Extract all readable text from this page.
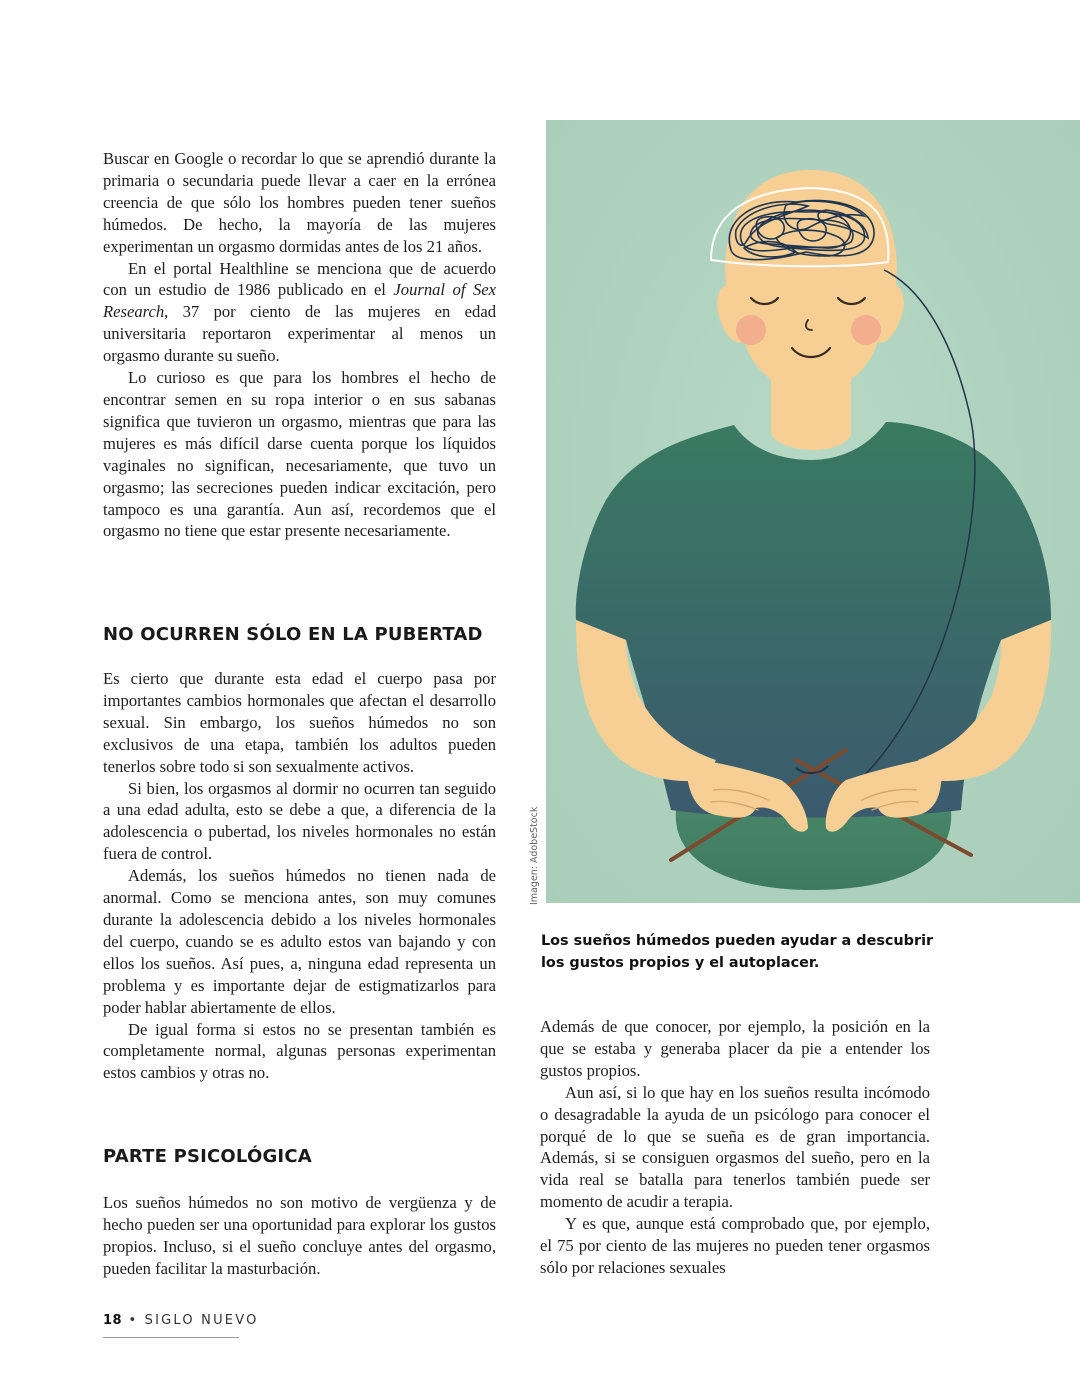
Buscar en Google o recordar lo que se aprendió durante la primaria o secundaria puede llevar a caer en la errónea creencia de que sólo los hombres pueden tener sueños húmedos. De hecho, la mayoría de las mujeres experimentan un orgasmo dormidas antes de los 21 años.

En el portal Healthline se menciona que de acuerdo con un estudio de 1986 publicado en el Journal of Sex Research, 37 por ciento de las mujeres en edad universitaria reportaron experimentar al menos un orgasmo durante su sueño.

Lo curioso es que para los hombres el hecho de encontrar semen en su ropa interior o en sus sabanas significa que tuvieron un orgasmo, mientras que para las mujeres es más difícil darse cuenta porque los líquidos vaginales no significan, necesariamente, que tuvo un orgasmo; las secreciones pueden indicar excitación, pero tampoco es una garantía. Aun así, recordemos que el orgasmo no tiene que estar presente necesariamente.

NO OCURREN SÓLO EN LA PUBERTAD

Es cierto que durante esta edad el cuerpo pasa por importantes cambios hormonales que afectan el desarrollo sexual. Sin embargo, los sueños húmedos no son exclusivos de una etapa, también los adultos pueden tenerlos sobre todo si son sexualmente activos.

Si bien, los orgasmos al dormir no ocurren tan seguido a una edad adulta, esto se debe a que, a diferencia de la adolescencia o pubertad, los niveles hormonales no están fuera de control.

Además, los sueños húmedos no tienen nada de anormal. Como se menciona antes, son muy comunes durante la adolescencia debido a los niveles hormonales del cuerpo, cuando se es adulto estos van bajando y con ellos los sueños. Así pues, a, ninguna edad representa un problema y es importante dejar de estigmatizarlos para poder hablar abiertamente de ellos.

De igual forma si estos no se presentan también es completamente normal, algunas personas experimentan estos cambios y otras no.

PARTE PSICOLÓGICA

Los sueños húmedos no son motivo de vergüenza y de hecho pueden ser una oportunidad para explorar los gustos propios. Incluso, si el sueño concluye antes del orgasmo, pueden facilitar la masturbación.

Imagen: AdobeStock

Los sueños húmedos pueden ayudar a descubrir los gustos propios y el autoplacer.

Además de que conocer, por ejemplo, la posición en la que se estaba y generaba placer da pie a entender los gustos propios.

Aun así, si lo que hay en los sueños resulta incómodo o desagradable la ayuda de un psicólogo para conocer el porqué de lo que se sueña es de gran importancia. Además, si se consiguen orgasmos del sueño, pero en la vida real se batalla para tenerlos también puede ser momento de acudir a terapia.

Y es que, aunque está comprobado que, por ejemplo, el 75 por ciento de las mujeres no pueden tener orgasmos sólo por relaciones sexuales

18 • SIGLO NUEVO
